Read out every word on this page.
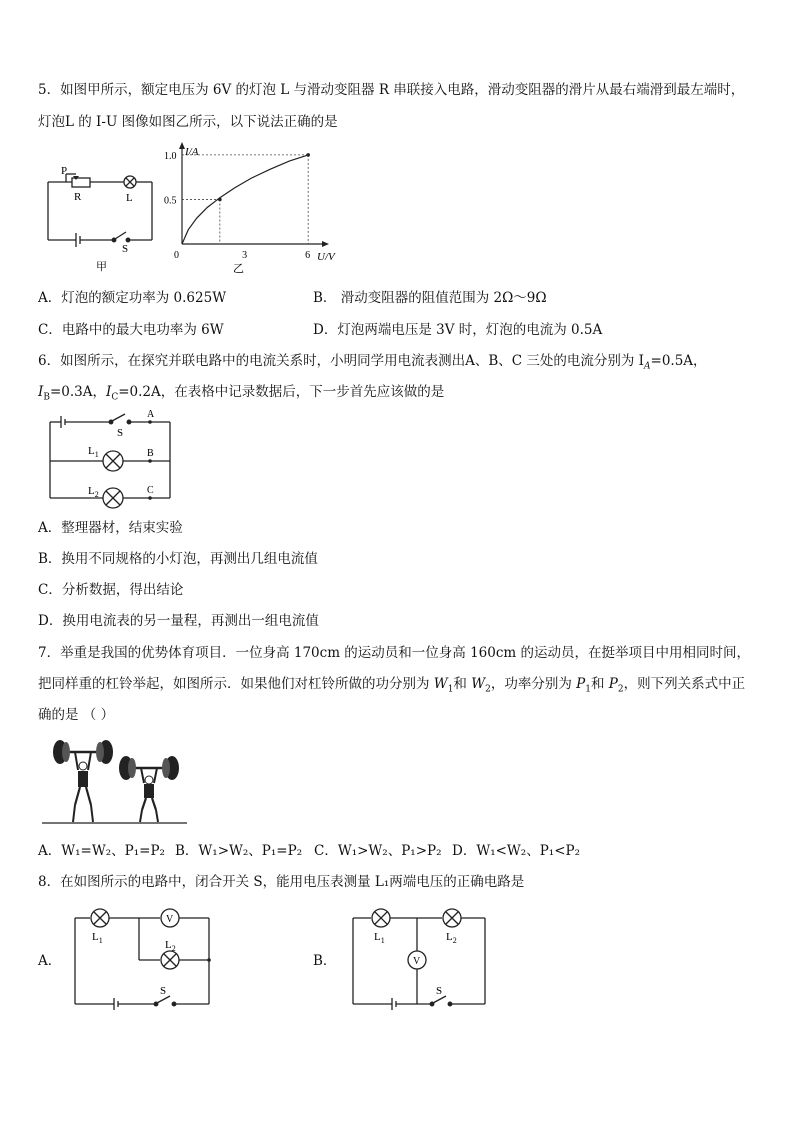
5．如图甲所示，额定电压为 6V 的灯泡 L 与滑动变阻器 R 串联接入电路，滑动变阻器的滑片从最右端滑到最左端时，
灯泡L 的 I-U 图像如图乙所示，以下说法正确的是
P
R	L
S
甲
I/A
U/V
1.0
0.5
0	3	6
乙
A．灯泡的额定功率为 0.625W	B． 滑动变阻器的阻值范围为 2Ω～9Ω
C．电路中的最大电功率为 6W	D．灯泡两端电压是 3V 时，灯泡的电流为 0.5A
6．如图所示，在探究并联电路中的电流关系时，小明同学用电流表测出A、B、C 三处的电流分别为 $I_A=0.5A$，
$I_B=0.3A$，$I_C=0.2A$，在表格中记录数据后，下一步首先应该做的是
S
A
B
C
$L_1$
$L_2$
A．整理器材，结束实验
B．换用不同规格的小灯泡，再测出几组电流值
C．分析数据，得出结论
D．换用电流表的另一量程，再测出一组电流值
7．举重是我国的优势体育项目．一位身高 170cm 的运动员和一位身高 160cm 的运动员，在挺举项目中用相同时间，
把同样重的杠铃举起，如图所示．如果他们对杠铃所做的功分别为 $W_1$和 $W_2$，功率分别为 $P_1$和 $P_2$，则下列关系式中正
确的是 （ ）
A．W₁=W₂、P₁=P₂ B．W₁>W₂、P₁=P₂ C．W₁>W₂、P₁>P₂ D．W₁<W₂、P₁<P₂
8．在如图所示的电路中，闭合开关 S，能用电压表测量 L₁两端电压的正确电路是
A．
V
$L_1$	$L_2$
S
B．	V
$L_1$	$L_2$
S
